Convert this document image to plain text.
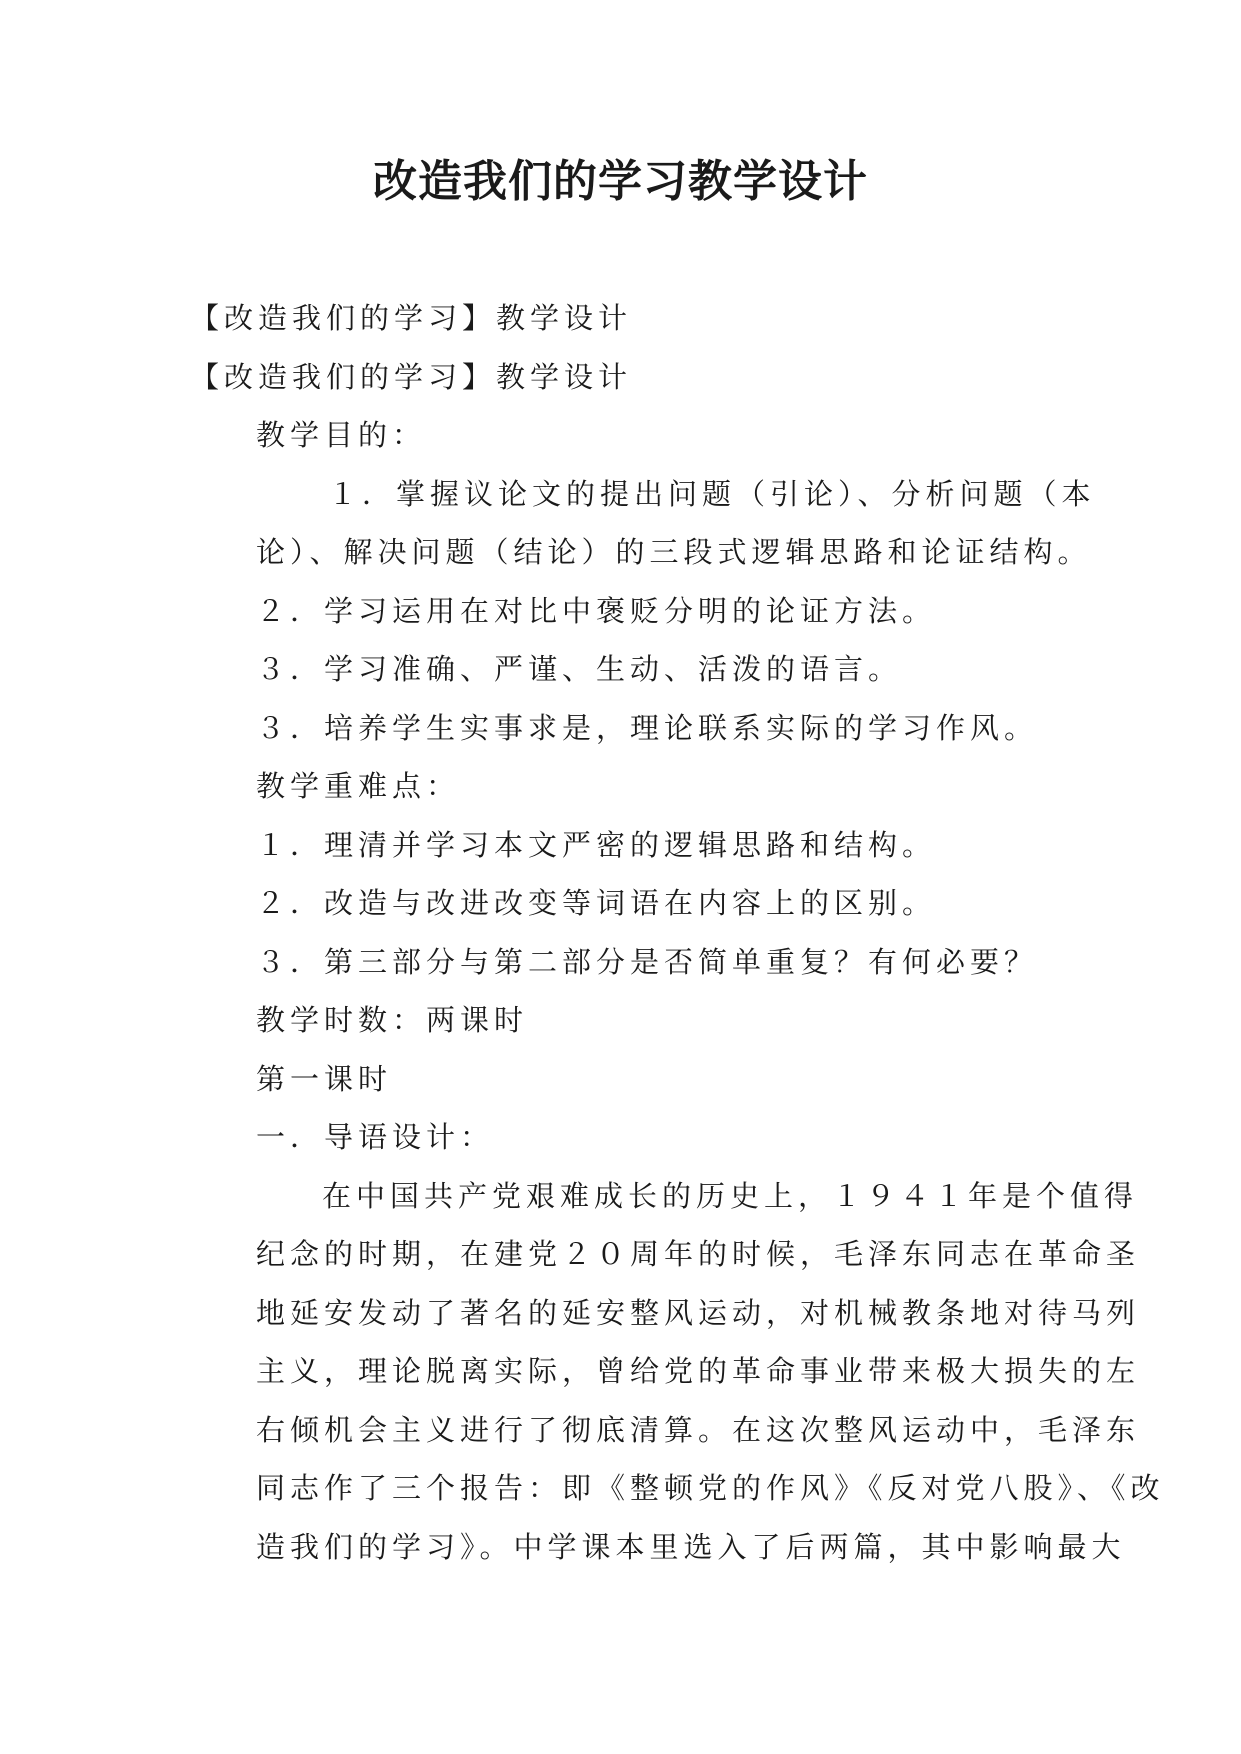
改造我们的学习教学设计

【改造我们的学习】教学设计

【改造我们的学习】教学设计

教学目的：

１．掌握议论文的提出问题（引论）、分析问题（本
论）、解决问题（结论）的三段式逻辑思路和论证结构。

２．学习运用在对比中褒贬分明的论证方法。

３．学习准确、严谨、生动、活泼的语言。

３．培养学生实事求是，理论联系实际的学习作风。

教学重难点：

１．理清并学习本文严密的逻辑思路和结构。

２．改造与改进改变等词语在内容上的区别。

３．第三部分与第二部分是否简单重复？有何必要？

教学时数：两课时

第一课时

一．导语设计：

在中国共产党艰难成长的历史上，１９４１年是个值得
纪念的时期，在建党２０周年的时候，毛泽东同志在革命圣
地延安发动了著名的延安整风运动，对机械教条地对待马列
主义，理论脱离实际，曾给党的革命事业带来极大损失的左
右倾机会主义进行了彻底清算。在这次整风运动中，毛泽东
同志作了三个报告：即《整顿党的作风》《反对党八股》、《改
造我们的学习》。中学课本里选入了后两篇，其中影响最大
